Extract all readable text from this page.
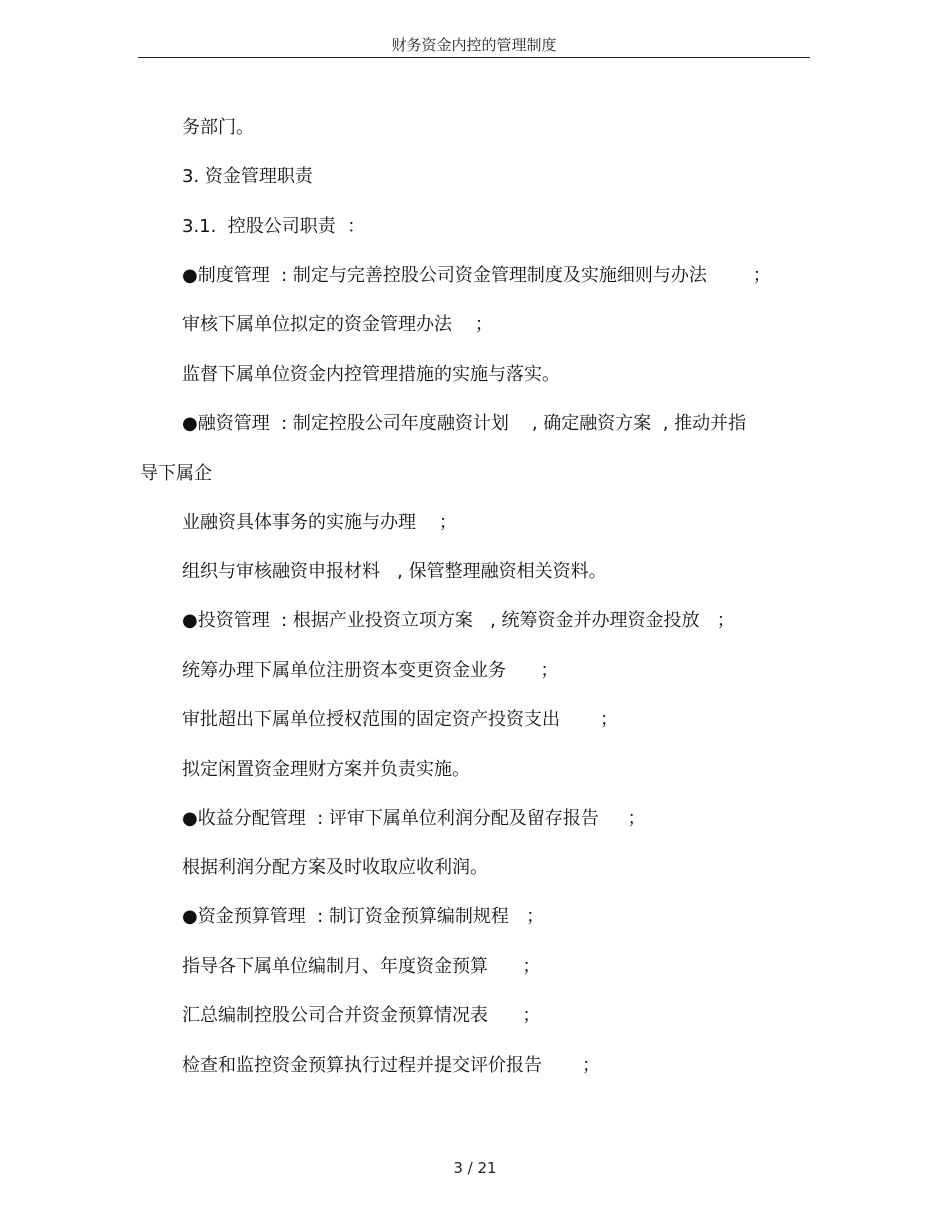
财务资金内控的管理制度
务部门。
3. 资金管理职责
3.1.  控股公司职责  ：
●制度管理  : 制定与完善控股公司资金管理制度及实施细则与办法        ；
审核下属单位拟定的资金管理办法    ；
监督下属单位资金内控管理措施的实施与落实。
●融资管理  : 制定控股公司年度融资计划    , 确定融资方案  , 推动并指
导下属企
业融资具体事务的实施与办理    ；
组织与审核融资申报材料   , 保管整理融资相关资料。
●投资管理  : 根据产业投资立项方案   , 统筹资金并办理资金投放   ；
统筹办理下属单位注册资本变更资金业务      ；
审批超出下属单位授权范围的固定资产投资支出       ；
拟定闲置资金理财方案并负责实施。
●收益分配管理  : 评审下属单位利润分配及留存报告     ；
根据利润分配方案及时收取应收利润。
●资金预算管理  : 制订资金预算编制规程   ；
指导各下属单位编制月、年度资金预算      ；
汇总编制控股公司合并资金预算情况表      ；
检查和监控资金预算执行过程并提交评价报告       ；
3 / 21
